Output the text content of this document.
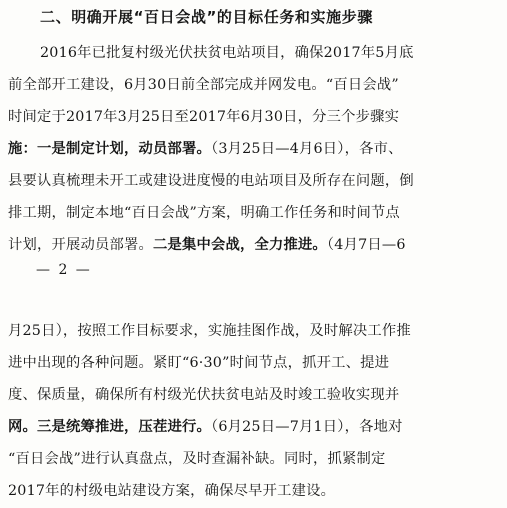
二、明确开展“百日会战”的目标任务和实施步骤
2016年已批复村级光伏扶贫电站项目，确保2017年5月底
前全部开工建设，6月30日前全部完成并网发电。“百日会战”
时间定于2017年3月25日至2017年6月30日，分三个步骤实
施：一是制定计划，动员部署。（3月25日—4月6日），各市、
县要认真梳理未开工或建设进度慢的电站项目及所存在问题，倒
排工期，制定本地“百日会战”方案，明确工作任务和时间节点
计划，开展动员部署。二是集中会战，全力推进。（4月7日—6
— 2 —
月25日），按照工作目标要求，实施挂图作战，及时解决工作推
进中出现的各种问题。紧盯“6·30”时间节点，抓开工、提进
度、保质量，确保所有村级光伏扶贫电站及时竣工验收实现并
网。三是统筹推进，压茬进行。（6月25日—7月1日），各地对
“百日会战”进行认真盘点，及时查漏补缺。同时，抓紧制定
2017年的村级电站建设方案，确保尽早开工建设。
